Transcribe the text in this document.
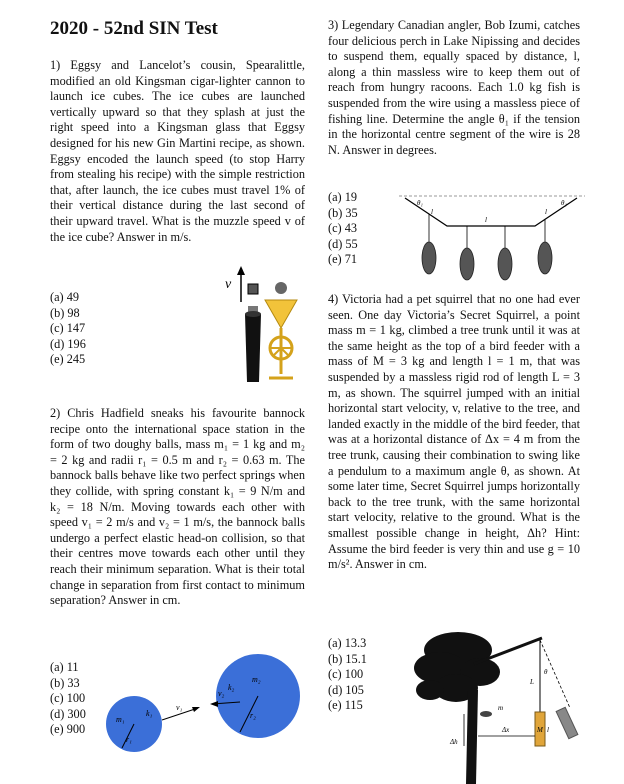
2020 - 52nd SIN Test

1) Eggsy and Lancelot’s cousin, Spearalittle, modified an old Kingsman cigar-lighter cannon to launch ice cubes. The ice cubes are launched vertically upward so that they splash at just the right speed into a Kingsman glass that Eggsy designed for his new Gin Martini recipe, as shown. Eggsy encoded the launch speed (to stop Harry from stealing his recipe) with the simple restriction that, after launch, the ice cubes must travel 1% of their vertical distance during the last second of their upward travel. What is the muzzle speed v of the ice cube? Answer in m/s.

(a) 49
(b) 98
(c) 147
(d) 196
(e) 245
v

2) Chris Hadfield sneaks his favourite bannock recipe onto the international space station in the form of two doughy balls, mass m₁ = 1 kg and m₂ = 2 kg and radii r₁ = 0.5 m and r₂ = 0.63 m. The bannock balls behave like two perfect springs when they collide, with spring constant k₁ = 9 N/m and k₂ = 18 N/m. Moving towards each other with speed v₁ = 2 m/s and v₂ = 1 m/s, the bannock balls undergo a perfect elastic head-on collision, so that their centres move towards each other until they reach their minimum separation. What is their total change in separation from first contact to minimum separation? Answer in cm.

(a) 11
(b) 33
(c) 100
(d) 300
(e) 900
m₁
k₁
r₁
v₁
v₂
k₂
m₂
r₂

3) Legendary Canadian angler, Bob Izumi, catches four delicious perch in Lake Nipissing and decides to suspend them, equally spaced by distance, l, along a thin massless wire to keep them out of reach from hungry racoons. Each 1.0 kg fish is suspended from the wire using a massless piece of fishing line. Determine the angle θ₁ if the tension in the horizontal centre segment of the wire is 28 N. Answer in degrees.

(a) 19
(b) 35
(c) 43
(d) 55
(e) 71
θ₁	θ₁
l
l
l

4) Victoria had a pet squirrel that no one had ever seen. One day Victoria’s Secret Squirrel, a point mass m = 1 kg, climbed a tree trunk until it was at the same height as the top of a bird feeder with a mass of M = 3 kg and length l = 1 m, that was suspended by a massless rigid rod of length L = 3 m, as shown. The squirrel jumped with an initial horizontal start velocity, v, relative to the tree, and landed exactly in the middle of the bird feeder, that was at a horizontal distance of Δx = 4 m from the tree trunk, causing their combination to swing like a pendulum to a maximum angle θ, as shown. At some later time, Secret Squirrel jumps horizontally back to the tree trunk, with the same horizontal start velocity, relative to the ground. What is the smallest possible change in height, Δh? Hint: Assume the bird feeder is very thin and use g = 10 m/s². Answer in cm.

(a) 13.3
(b) 15.1
(c) 100
(d) 105
(e) 115
θ
L
m
M l
Δx
Δh
